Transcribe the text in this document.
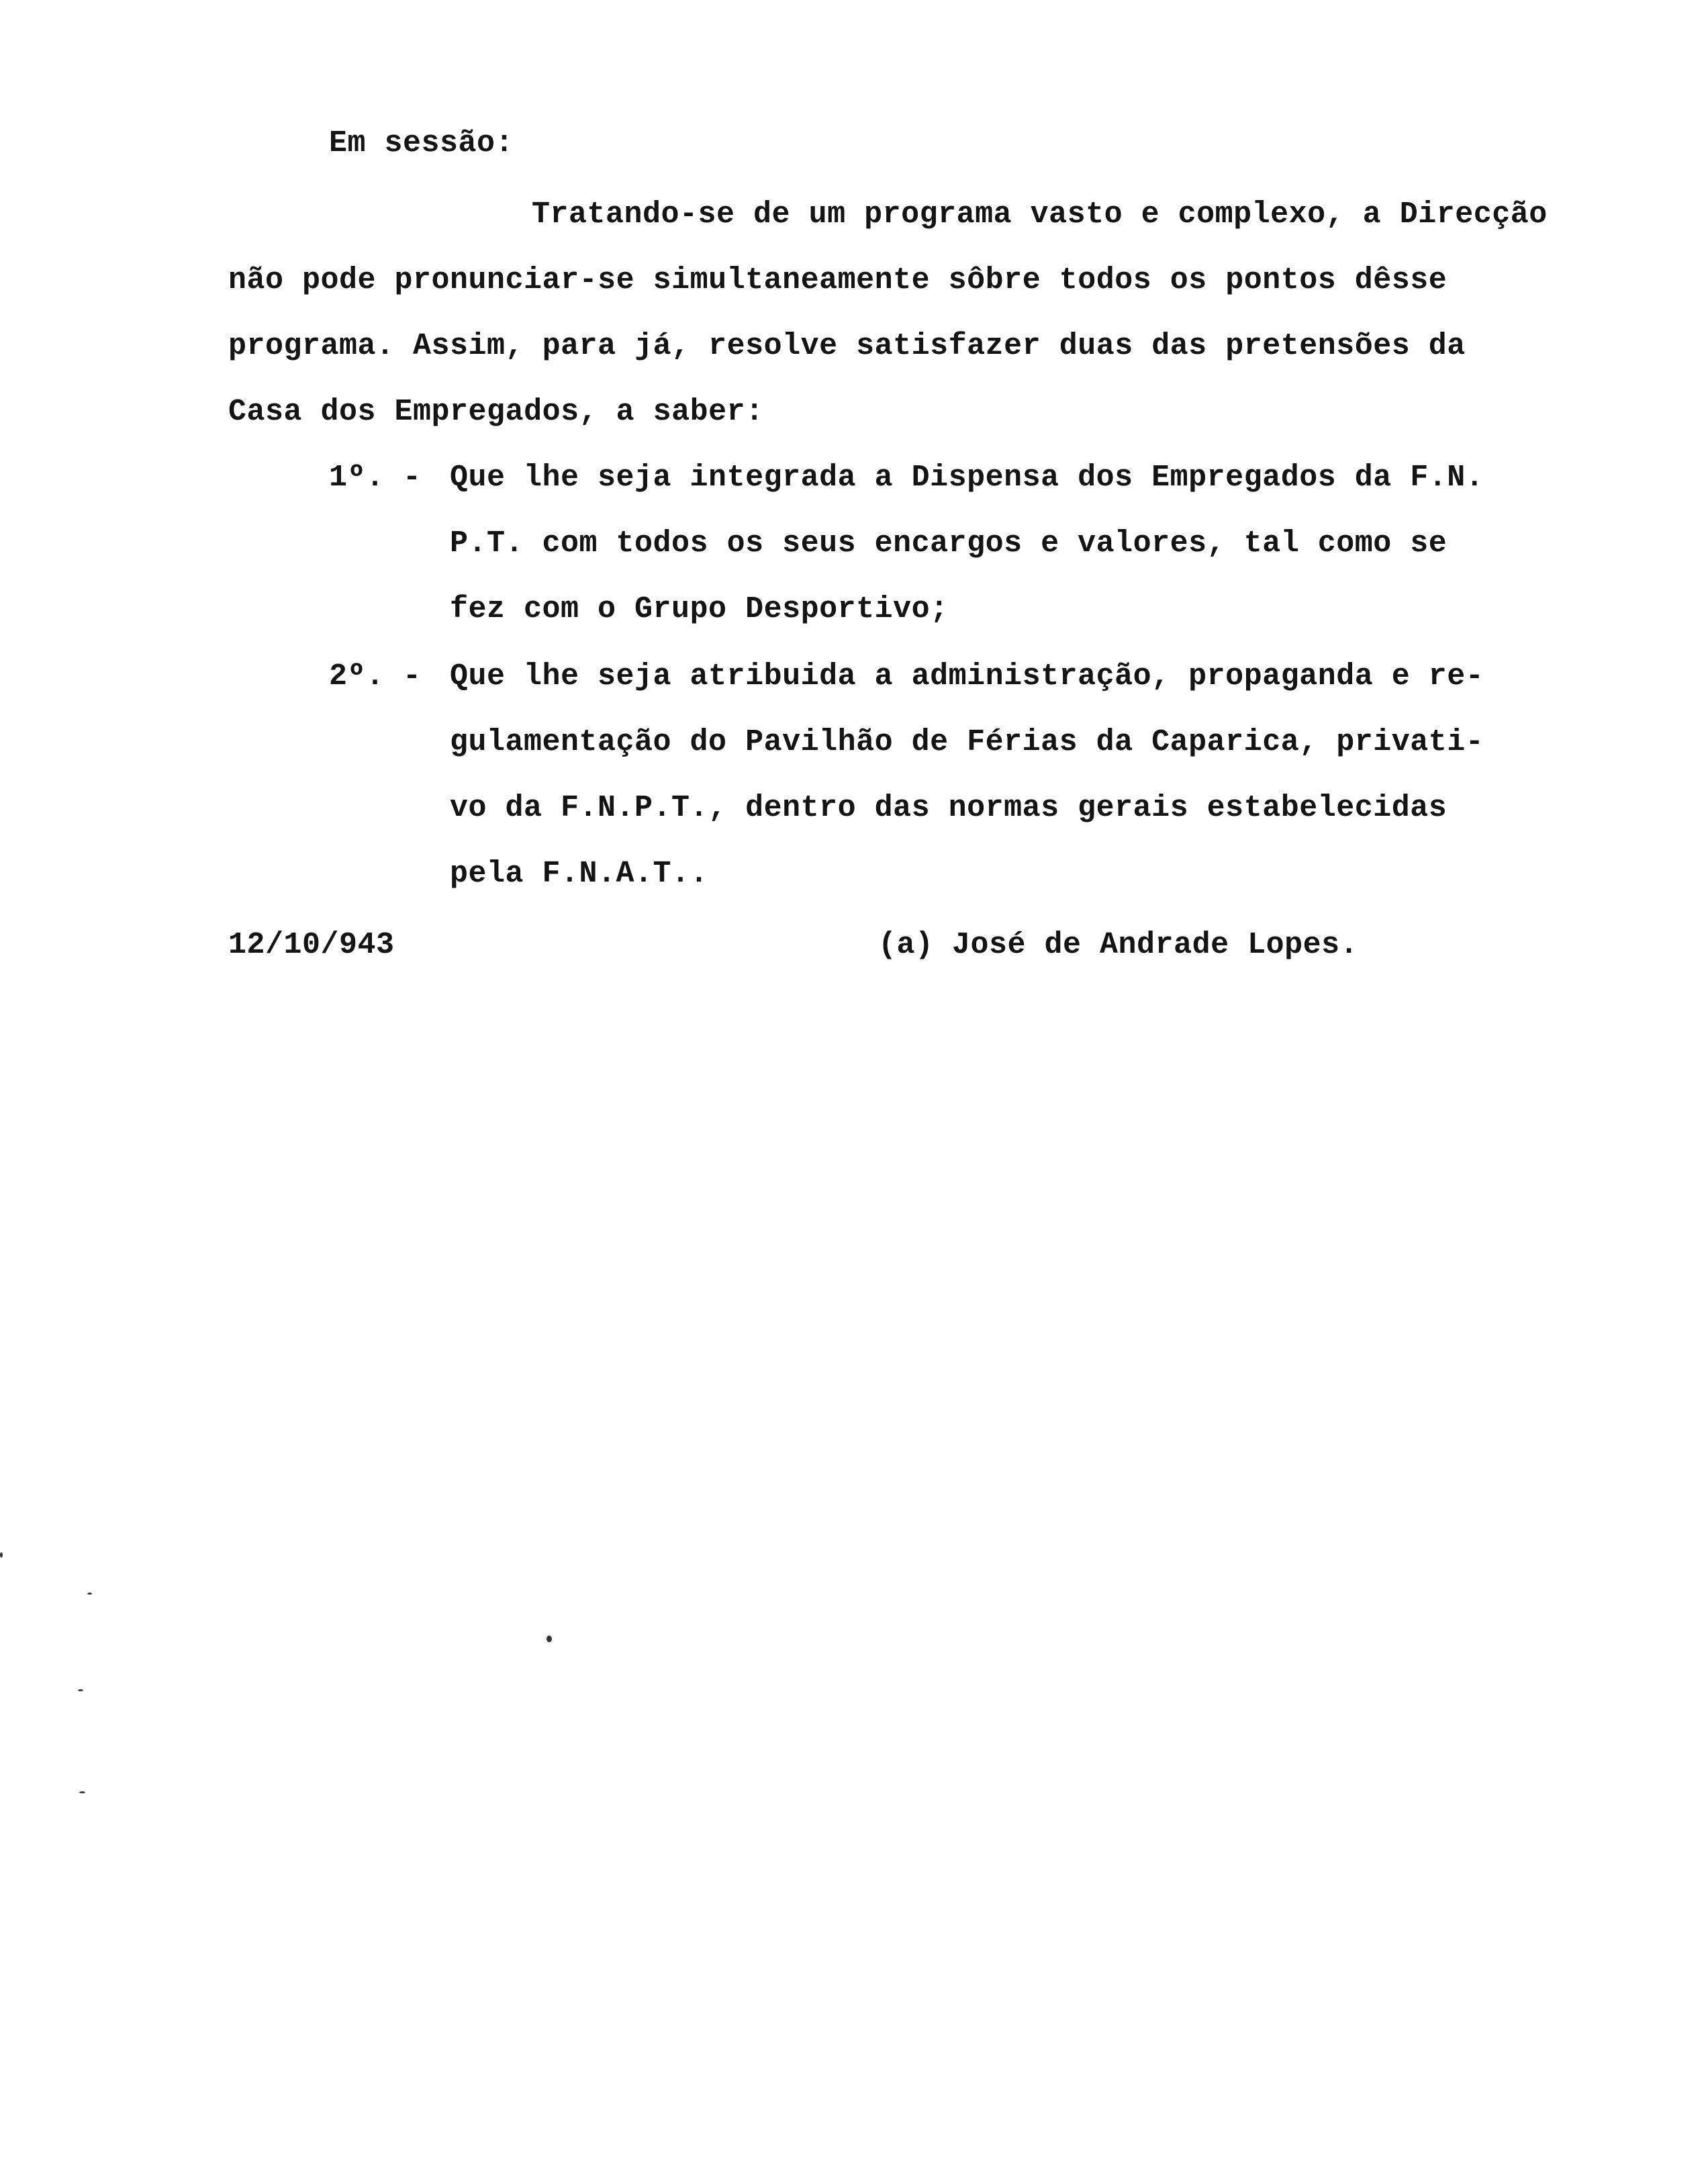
Em sessão:
Tratando-se de um programa vasto e complexo, a Direcção
não pode pronunciar-se simultaneamente sôbre todos os pontos dêsse
programa. Assim, para já, resolve satisfazer duas das pretensões da
Casa dos Empregados, a saber:
1º. - Que lhe seja integrada a Dispensa dos Empregados da F.N.
P.T. com todos os seus encargos e valores, tal como se
fez com o Grupo Desportivo;
2º. - Que lhe seja atribuida a administração, propaganda e re-
gulamentação do Pavilhão de Férias da Caparica, privati-
vo da F.N.P.T., dentro das normas gerais estabelecidas
pela F.N.A.T..
12/10/943	(a) José de Andrade Lopes.
